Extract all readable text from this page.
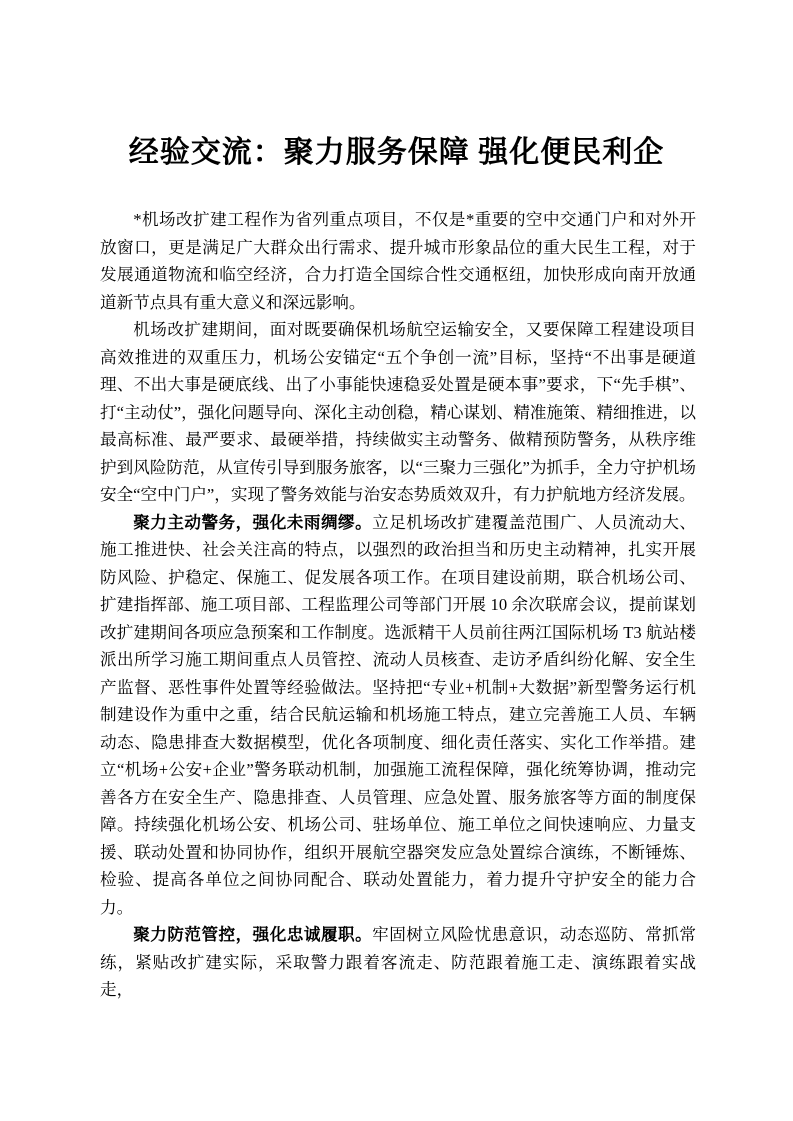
经验交流：聚力服务保障 强化便民利企

*机场改扩建工程作为省列重点项目，不仅是*重要的空中交通门户和对外开放窗口，更是满足广大群众出行需求、提升城市形象品位的重大民生工程，对于发展通道物流和临空经济，合力打造全国综合性交通枢纽，加快形成向南开放通道新节点具有重大意义和深远影响。

机场改扩建期间，面对既要确保机场航空运输安全，又要保障工程建设项目高效推进的双重压力，机场公安锚定“五个争创一流”目标，坚持“不出事是硬道理、不出大事是硬底线、出了小事能快速稳妥处置是硬本事”要求，下“先手棋”、打“主动仗”，强化问题导向、深化主动创稳，精心谋划、精准施策、精细推进，以最高标准、最严要求、最硬举措，持续做实主动警务、做精预防警务，从秩序维护到风险防范，从宣传引导到服务旅客，以“三聚力三强化”为抓手，全力守护机场安全“空中门户”，实现了警务效能与治安态势质效双升，有力护航地方经济发展。

聚力主动警务，强化未雨绸缪。立足机场改扩建覆盖范围广、人员流动大、施工推进快、社会关注高的特点，以强烈的政治担当和历史主动精神，扎实开展防风险、护稳定、保施工、促发展各项工作。在项目建设前期，联合机场公司、扩建指挥部、施工项目部、工程监理公司等部门开展 10 余次联席会议，提前谋划改扩建期间各项应急预案和工作制度。选派精干人员前往两江国际机场 T3 航站楼派出所学习施工期间重点人员管控、流动人员核查、走访矛盾纠纷化解、安全生产监督、恶性事件处置等经验做法。坚持把“专业+机制+大数据”新型警务运行机制建设作为重中之重，结合民航运输和机场施工特点，建立完善施工人员、车辆动态、隐患排查大数据模型，优化各项制度、细化责任落实、实化工作举措。建立“机场+公安+企业”警务联动机制，加强施工流程保障，强化统筹协调，推动完善各方在安全生产、隐患排查、人员管理、应急处置、服务旅客等方面的制度保障。持续强化机场公安、机场公司、驻场单位、施工单位之间快速响应、力量支援、联动处置和协同协作，组织开展航空器突发应急处置综合演练，不断锤炼、检验、提高各单位之间协同配合、联动处置能力，着力提升守护安全的能力合力。

聚力防范管控，强化忠诚履职。牢固树立风险忧患意识，动态巡防、常抓常练，紧贴改扩建实际，采取警力跟着客流走、防范跟着施工走、演练跟着实战走，
